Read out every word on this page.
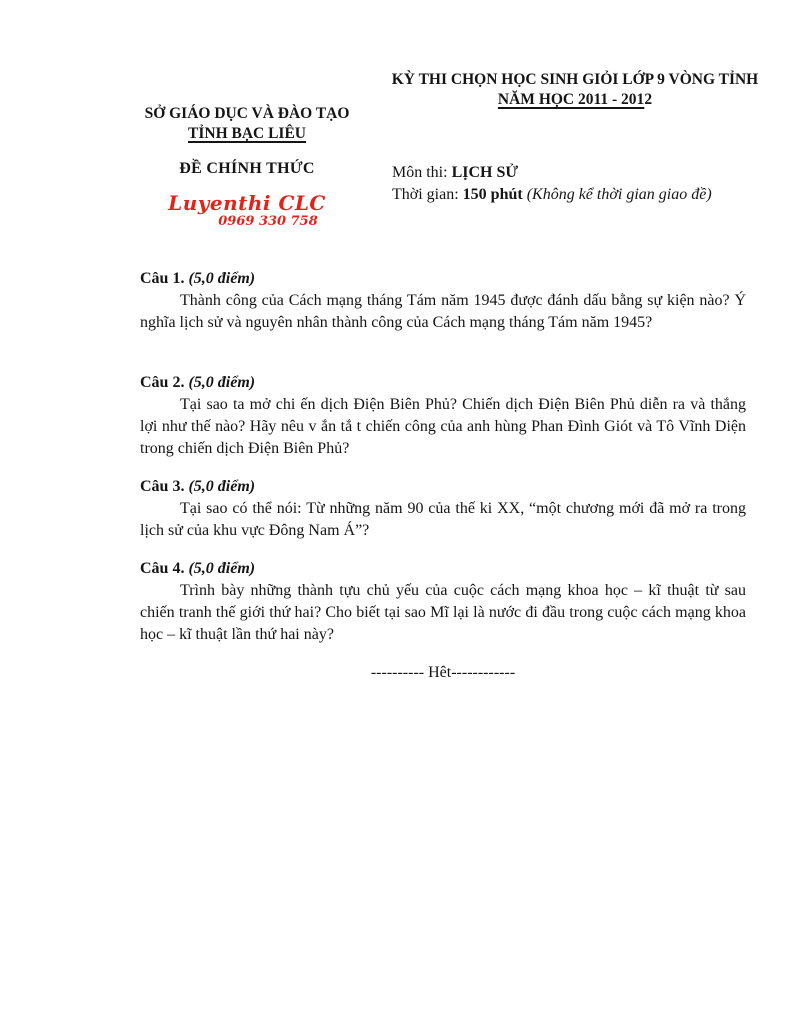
KỲ THI CHỌN HỌC SINH GIỎI LỚP 9 VÒNG TỈNH
NĂM HỌC 2011 - 2012
SỞ GIÁO DỤC VÀ ĐÀO TẠO
TỈNH BẠC LIÊU
ĐỀ CHÍNH THỨC
Luyenthi CLC
0969 330 758
Môn thi: LỊCH SỬ
Thời gian: 150 phút (Không kể thời gian giao đề)
Câu 1. (5,0 điểm)

Thành công của Cách mạng tháng Tám năm 1945 được đánh dấu bằng sự kiện nào? Ý nghĩa lịch sử và nguyên nhân thành công của Cách mạng tháng Tám năm 1945?

Câu 2. (5,0 điểm)

Tại sao ta mở chi ến dịch Điện Biên Phủ? Chiến dịch Điện Biên Phủ diễn ra và thắng lợi như thế nào? Hãy nêu v ắn tắ t chiến công của anh hùng Phan Đình Giót và Tô Vĩnh Diện trong chiến dịch Điện Biên Phủ?

Câu 3. (5,0 điểm)

Tại sao có thể nói: Từ những năm 90 của thế ki XX, “một chương mới đã mở ra trong lịch sử của khu vực Đông Nam Á”?

Câu 4. (5,0 điểm)

Trình bày những thành tựu chủ yếu của cuộc cách mạng khoa học – kĩ thuật từ sau chiến tranh thế giới thứ hai? Cho biết tại sao Mĩ lại là nước đi đầu trong cuộc cách mạng khoa học – kĩ thuật lần thứ hai này?

---------- Hêt------------
